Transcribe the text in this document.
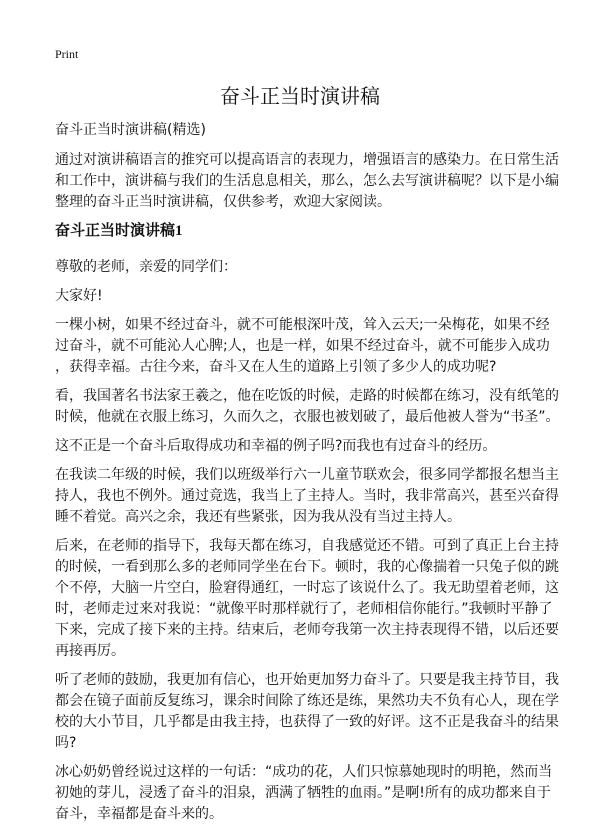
Print
奋斗正当时演讲稿
奋斗正当时演讲稿(精选)
通过对演讲稿语言的推究可以提高语言的表现力，增强语言的感染力。在日常生活
和工作中，演讲稿与我们的生活息息相关，那么，怎么去写演讲稿呢？以下是小编
整理的奋斗正当时演讲稿，仅供参考，欢迎大家阅读。
奋斗正当时演讲稿1
尊敬的老师，亲爱的同学们：
大家好!
一棵小树，如果不经过奋斗，就不可能根深叶茂，耸入云天;一朵梅花，如果不经
过奋斗，就不可能沁人心脾;人，也是一样，如果不经过奋斗，就不可能步入成功
，获得幸福。古往今来，奋斗又在人生的道路上引领了多少人的成功呢?
看，我国著名书法家王羲之，他在吃饭的时候，走路的时候都在练习，没有纸笔的
时候，他就在衣服上练习，久而久之，衣服也被划破了，最后他被人誉为“书圣”。
这不正是一个奋斗后取得成功和幸福的例子吗?而我也有过奋斗的经历。
在我读二年级的时候，我们以班级举行六一儿童节联欢会，很多同学都报名想当主
持人，我也不例外。通过竞选，我当上了主持人。当时，我非常高兴，甚至兴奋得
睡不着觉。高兴之余，我还有些紧张，因为我从没有当过主持人。
后来，在老师的指导下，我每天都在练习，自我感觉还不错。可到了真正上台主持
的时候，一看到那么多的老师同学坐在台下。顿时，我的心像揣着一只兔子似的跳
个不停，大脑一片空白，脸窘得通红，一时忘了该说什么了。我无助望着老师，这
时，老师走过来对我说：“就像平时那样就行了，老师相信你能行。”我顿时平静了
下来，完成了接下来的主持。结束后，老师夸我第一次主持表现得不错，以后还要
再接再厉。
听了老师的鼓励，我更加有信心，也开始更加努力奋斗了。只要是我主持节目，我
都会在镜子面前反复练习，课余时间除了练还是练，果然功夫不负有心人，现在学
校的大小节目，几乎都是由我主持，也获得了一致的好评。这不正是我奋斗的结果
吗?
冰心奶奶曾经说过这样的一句话：“成功的花，人们只惊慕她现时的明艳，然而当
初她的芽儿，浸透了奋斗的泪泉，洒满了牺牲的血雨。”是啊!所有的成功都来自于
奋斗，幸福都是奋斗来的。
